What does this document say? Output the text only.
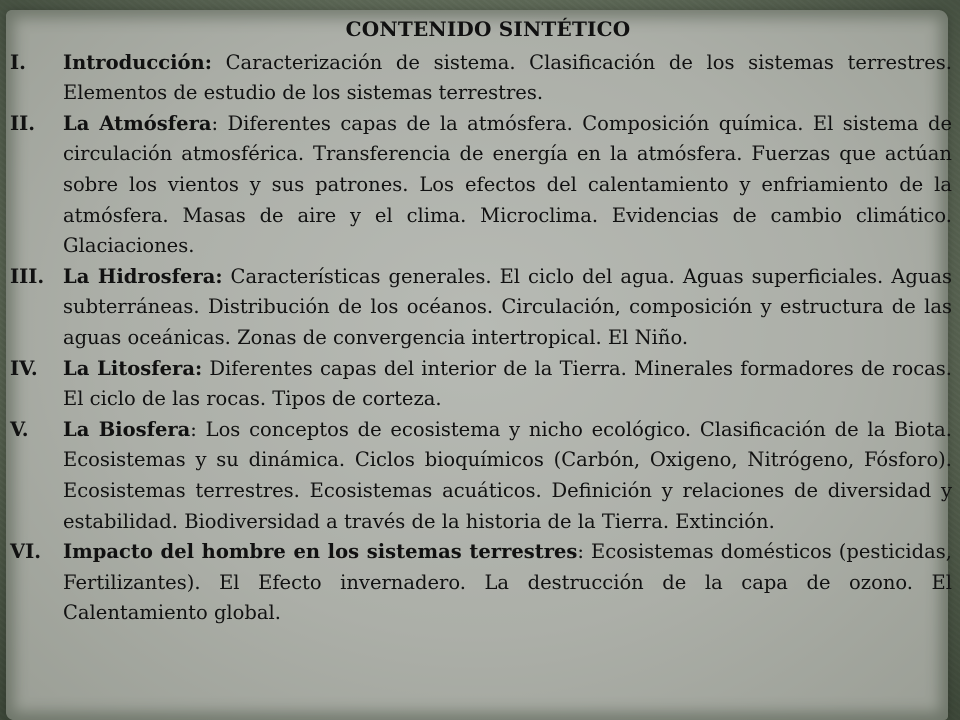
CONTENIDO SINTÉTICO

I. Introducción: Caracterización de sistema. Clasificación de los sistemas terrestres. Elementos de estudio de los sistemas terrestres.

II. La Atmósfera: Diferentes capas de la atmósfera. Composición química. El sistema de circulación atmosférica. Transferencia de energía en la atmósfera. Fuerzas que actúan sobre los vientos y sus patrones. Los efectos del calentamiento y enfriamiento de la atmósfera. Masas de aire y el clima. Microclima. Evidencias de cambio climático. Glaciaciones.

III. La Hidrosfera: Características generales. El ciclo del agua. Aguas superficiales. Aguas subterráneas. Distribución de los océanos. Circulación, composición y estructura de las aguas oceánicas. Zonas de convergencia intertropical. El Niño.

IV. La Litosfera: Diferentes capas del interior de la Tierra. Minerales formadores de rocas. El ciclo de las rocas. Tipos de corteza.

V. La Biosfera: Los conceptos de ecosistema y nicho ecológico. Clasificación de la Biota. Ecosistemas y su dinámica. Ciclos bioquímicos (Carbón, Oxigeno, Nitrógeno, Fósforo). Ecosistemas terrestres. Ecosistemas acuáticos. Definición y relaciones de diversidad y estabilidad. Biodiversidad a través de la historia de la Tierra. Extinción.

VI. Impacto del hombre en los sistemas terrestres: Ecosistemas domésticos (pesticidas, Fertilizantes). El Efecto invernadero. La destrucción de la capa de ozono. El Calentamiento global.
